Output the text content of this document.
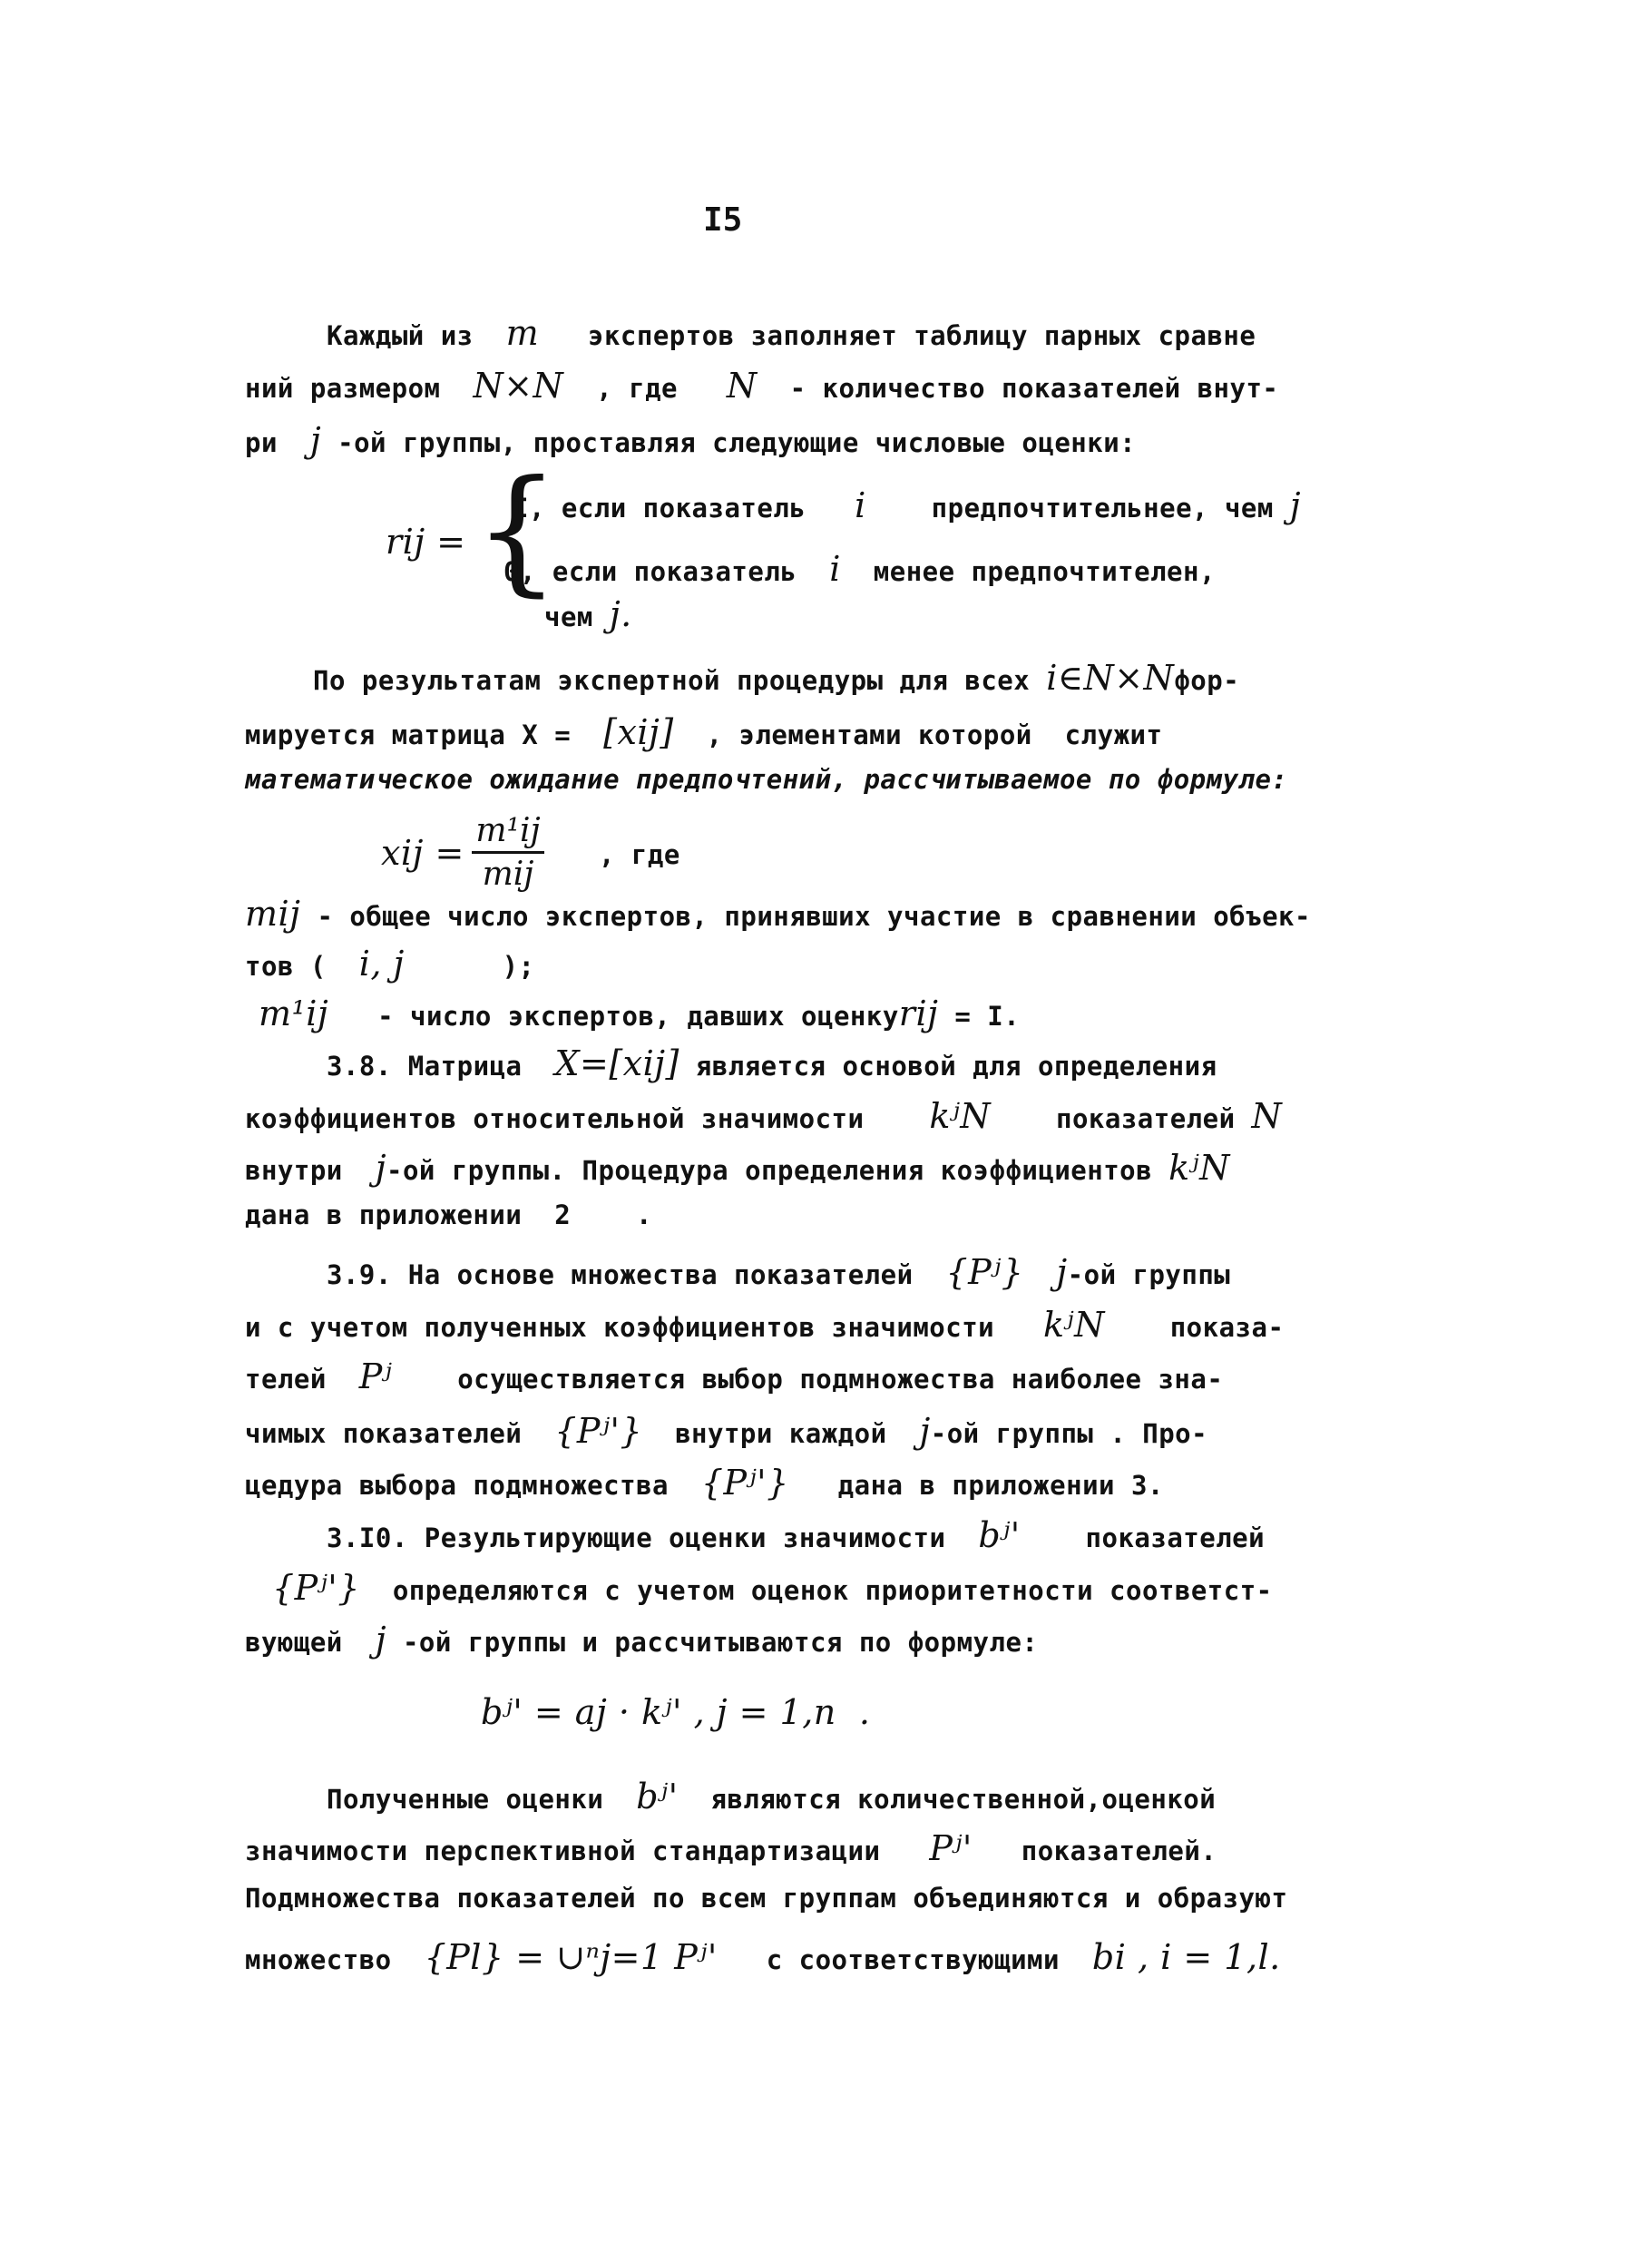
I5
Каждый из m экспертов заполняет таблицу парных сравне
ний размером N×N , где N - количество показателей внут-
ри j -ой группы, проставляя следующие числовые оценки:
rij = {
I, если показатель i предпочтительнее, чем j
0, если показатель i менее предпочтителен,
чем j.
По результатам экспертной процедуры для всех i∈N×Nфор-
мируется матрица X = [xij] , элементами которой  служит
математическое ожидание предпочтений, рассчитываемое по формуле:
xij =
m¹ij
mij
, где
mij - общее число экспертов, принявших участие в сравнении объек-
тов ( i, j	);
m¹ij - число экспертов, давших оценкуrij = I.
3.8. Матрица X=[xij] является основой для определения
коэффициентов относительной значимости kʲN показателей N
внутри j-ой группы. Процедура определения коэффициентов kʲN
дана в приложении  2    .
3.9. На основе множества показателей {Pʲ} j-ой группы
и с учетом полученных коэффициентов значимости kʲN показа-
телей Pʲ осуществляется выбор подмножества наиболее зна-
чимых показателей {Pʲ'} внутри каждой j-ой группы . Про-
цедура выбора подмножества {Pʲ'} дана в приложении 3.
3.I0. Результирующие оценки значимости bʲ' показателей
{Pʲ'} определяются с учетом оценок приоритетности соответст-
вующей j -ой группы и рассчитываются по формуле:
bʲ' = aj · kʲ' , j = 1,n  .
Полученные оценки bʲ' являются количественной,оценкой
значимости перспективной стандартизации Pʲ' показателей.
Подмножества показателей по всем группам объединяются и образуют
множество {Pl} = ∪ⁿj=1 Pʲ' с соответствующими bi , i = 1,l.
